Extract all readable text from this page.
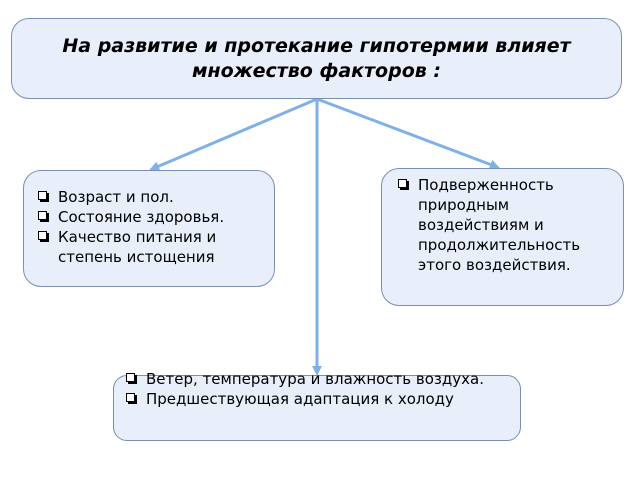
На развитие и протекание гипотермии влияет множество факторов :
Возраст и пол.
Состояние здоровья.
Качество питания и степень истощения
Подверженность природным воздействиям и продолжительность этого воздействия.
Ветер, температура и влажность воздуха.
Предшествующая адаптация к холоду
